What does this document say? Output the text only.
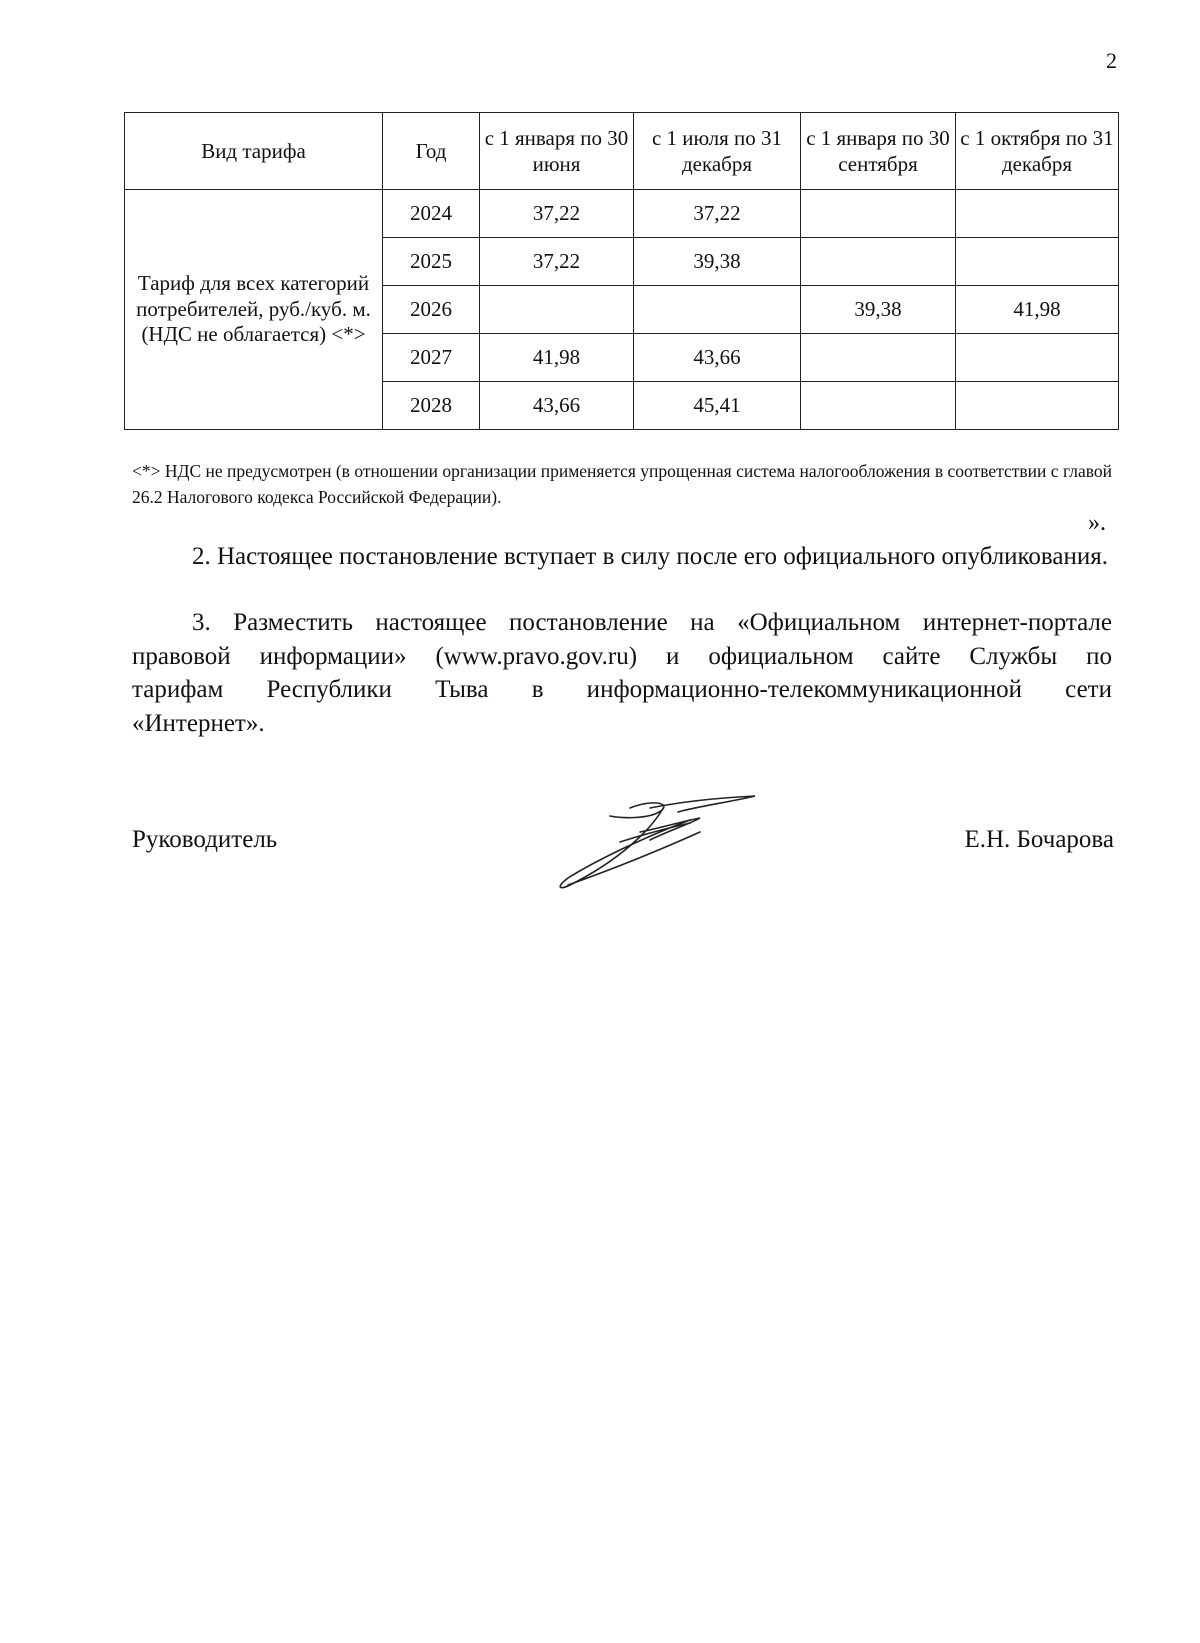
2
Вид тарифа	Год	с 1 января по 30 июня	с 1 июля по 31 декабря	с 1 января по 30 сентября	с 1 октября по 31 декабря
Тариф для всех категорий потребителей, руб./куб. м. (НДС не облагается) <*>	2024	37,22	37,22		
	2025	37,22	39,38		
	2026			39,38	41,98
	2027	41,98	43,66		
	2028	43,66	45,41		
<*> НДС не предусмотрен (в отношении организации применяется упрощенная система налогообложения в соответствии с главой 26.2 Налогового кодекса Российской Федерации).
».
2. Настоящее постановление вступает в силу после его официального опубликования.
3. Разместить настоящее постановление на «Официальном интернет-портале
правовой информации» (www.pravo.gov.ru) и официальном сайте Службы по
тарифам Республики Тыва в информационно-телекоммуникационной сети
«Интернет».
Руководитель	Е.Н. Бочарова
